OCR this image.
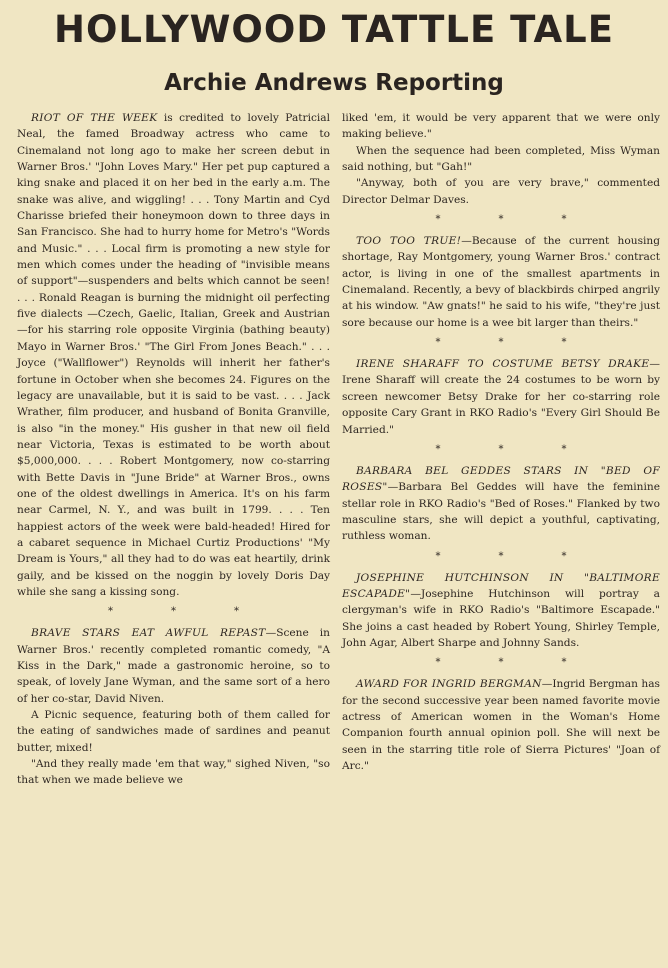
HOLLYWOOD TATTLE TALE
Archie Andrews Reporting

RIOT OF THE WEEK is credited to lovely Patricial Neal, the famed Broadway actress who came to Cinemaland not long ago to make her screen debut in Warner Bros.' "John Loves Mary." Her pet pup captured a king snake and placed it on her bed in the early a.m. The snake was alive, and wiggling! . . . Tony Martin and Cyd Charisse briefed their honeymoon down to three days in San Francisco. She had to hurry home for Metro's "Words and Music." . . . Local firm is promoting a new style for men which comes under the heading of "invisible means of support"—suspenders and belts which cannot be seen! . . . Ronald Reagan is burning the midnight oil perfecting five dialects —Czech, Gaelic, Italian, Greek and Austrian—for his starring role opposite Virginia (bathing beauty) Mayo in Warner Bros.' "The Girl From Jones Beach." . . . Joyce ("Wallflower") Reynolds will inherit her father's fortune in October when she becomes 24. Figures on the legacy are unavailable, but it is said to be vast. . . . Jack Wrather, film producer, and husband of Bonita Granville, is also "in the money." His gusher in that new oil field near Victoria, Texas is estimated to be worth about $5,000,000. . . . Robert Montgomery, now co-starring with Bette Davis in "June Bride" at Warner Bros., owns one of the oldest dwellings in America. It's on his farm near Carmel, N. Y., and was built in 1799. . . . Ten happiest actors of the week were bald-headed! Hired for a cabaret sequence in Michael Curtiz Productions' "My Dream is Yours," all they had to do was eat heartily, drink gaily, and be kissed on the noggin by lovely Doris Day while she sang a kissing song.

*	*	*

BRAVE STARS EAT AWFUL REPAST—Scene in Warner Bros.' recently completed romantic comedy, "A Kiss in the Dark," made a gastronomic heroine, so to speak, of lovely Jane Wyman, and the same sort of a hero of her co-star, David Niven.

A Picnic sequence, featuring both of them called for the eating of sandwiches made of sardines and peanut butter, mixed!

"And they really made 'em that way," sighed Niven, "so that when we made believe we

liked 'em, it would be very apparent that we were only making believe."

When the sequence had been completed, Miss Wyman said nothing, but "Gah!"

"Anyway, both of you are very brave," commented Director Delmar Daves.

*	*	*

TOO TOO TRUE!—Because of the current housing shortage, Ray Montgomery, young Warner Bros.' contract actor, is living in one of the smallest apartments in Cinemaland. Recently, a bevy of blackbirds chirped angrily at his window. "Aw gnats!" he said to his wife, "they're just sore because our home is a wee bit larger than theirs."

*	*	*

IRENE SHARAFF TO COSTUME BETSY DRAKE—Irene Sharaff will create the 24 costumes to be worn by screen newcomer Betsy Drake for her co-starring role opposite Cary Grant in RKO Radio's "Every Girl Should Be Married."

*	*	*

BARBARA BEL GEDDES STARS IN "BED OF ROSES"—Barbara Bel Geddes will have the feminine stellar role in RKO Radio's "Bed of Roses." Flanked by two masculine stars, she will depict a youthful, captivating, ruthless woman.

*	*	*

JOSEPHINE HUTCHINSON IN "BALTIMORE ESCAPADE"—Josephine Hutchinson will portray a clergyman's wife in RKO Radio's "Baltimore Escapade." She joins a cast headed by Robert Young, Shirley Temple, John Agar, Albert Sharpe and Johnny Sands.

*	*	*

AWARD FOR INGRID BERGMAN—Ingrid Bergman has for the second successive year been named favorite movie actress of American women in the Woman's Home Companion fourth annual opinion poll. She will next be seen in the starring title role of Sierra Pictures' "Joan of Arc."
